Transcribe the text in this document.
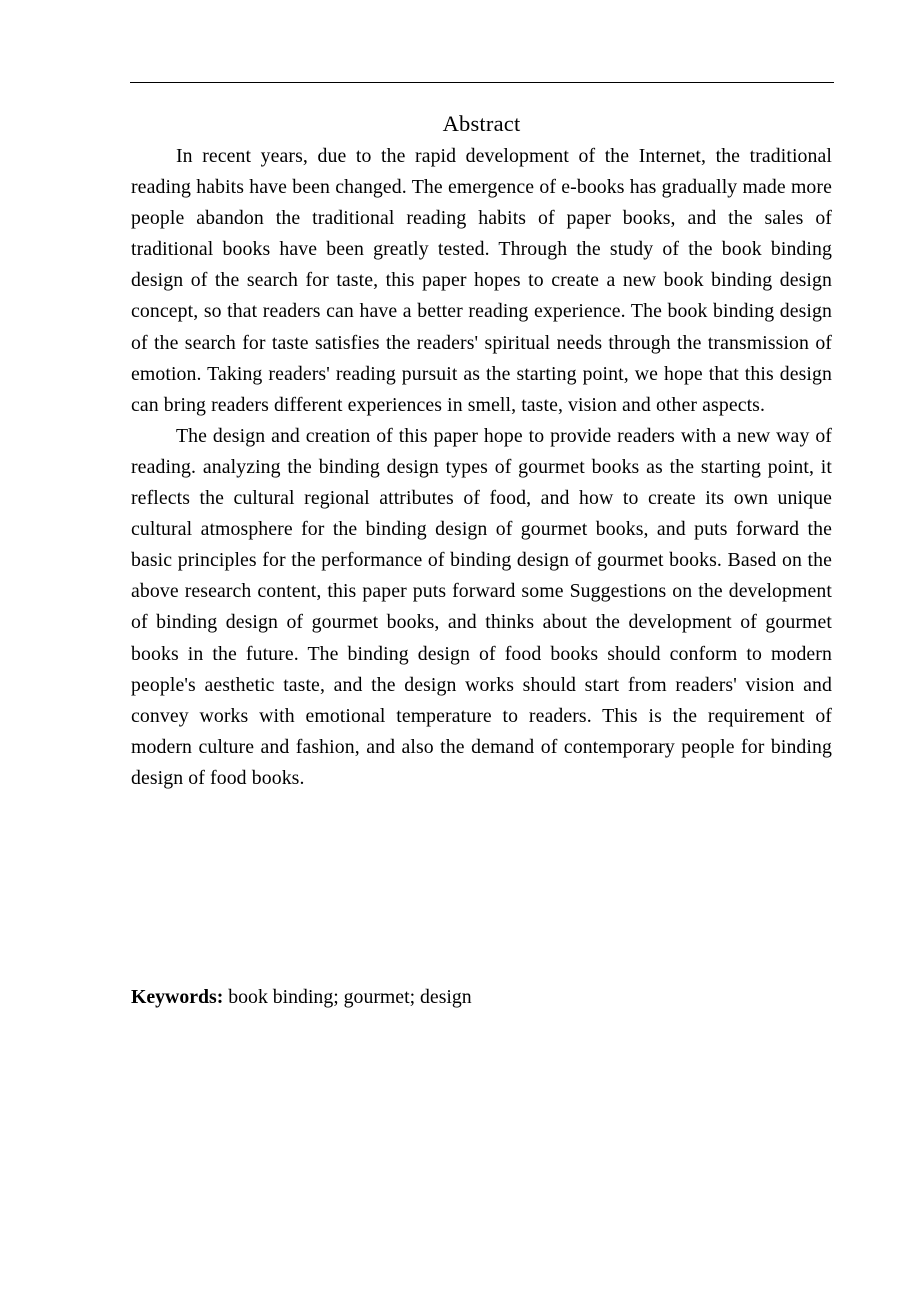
Abstract

In recent years, due to the rapid development of the Internet, the traditional reading habits have been changed. The emergence of e-books has gradually made more people abandon the traditional reading habits of paper books, and the sales of traditional books have been greatly tested. Through the study of the book binding design of the search for taste, this paper hopes to create a new book binding design concept, so that readers can have a better reading experience. The book binding design of the search for taste satisfies the readers' spiritual needs through the transmission of emotion. Taking readers' reading pursuit as the starting point, we hope that this design can bring readers different experiences in smell, taste, vision and other aspects.

The design and creation of this paper hope to provide readers with a new way of reading. analyzing the binding design types of gourmet books as the starting point, it reflects the cultural regional attributes of food, and how to create its own unique cultural atmosphere for the binding design of gourmet books, and puts forward the basic principles for the performance of binding design of gourmet books. Based on the above research content, this paper puts forward some Suggestions on the development of binding design of gourmet books, and thinks about the development of gourmet books in the future. The binding design of food books should conform to modern people's aesthetic taste, and the design works should start from readers' vision and convey works with emotional temperature to readers. This is the requirement of modern culture and fashion, and also the demand of contemporary people for binding design of food books.

Keywords: book binding; gourmet; design
